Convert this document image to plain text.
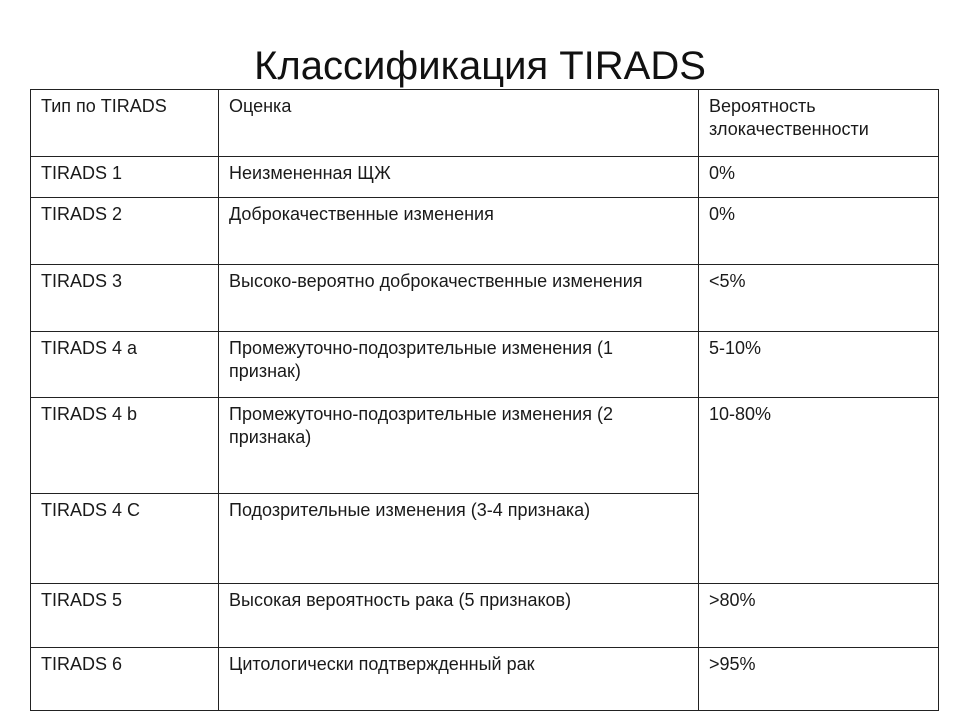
Классификация TIRADS
Тип по TIRADS	Оценка	Вероятность злокачественности
TIRADS 1	Неизмененная ЩЖ	0%
TIRADS 2	Доброкачественные изменения	0%
TIRADS 3	Высоко-вероятно доброкачественные изменения	<5%
TIRADS 4 a	Промежуточно-подозрительные изменения (1 признак)	5-10%
TIRADS 4 b	Промежуточно-подозрительные изменения (2 признака)	10-80%
TIRADS 4 C	Подозрительные изменения (3-4 признака)	
TIRADS 5	Высокая вероятность рака (5 признаков)	>80%
TIRADS 6	Цитологически подтвержденный рак	>95%
